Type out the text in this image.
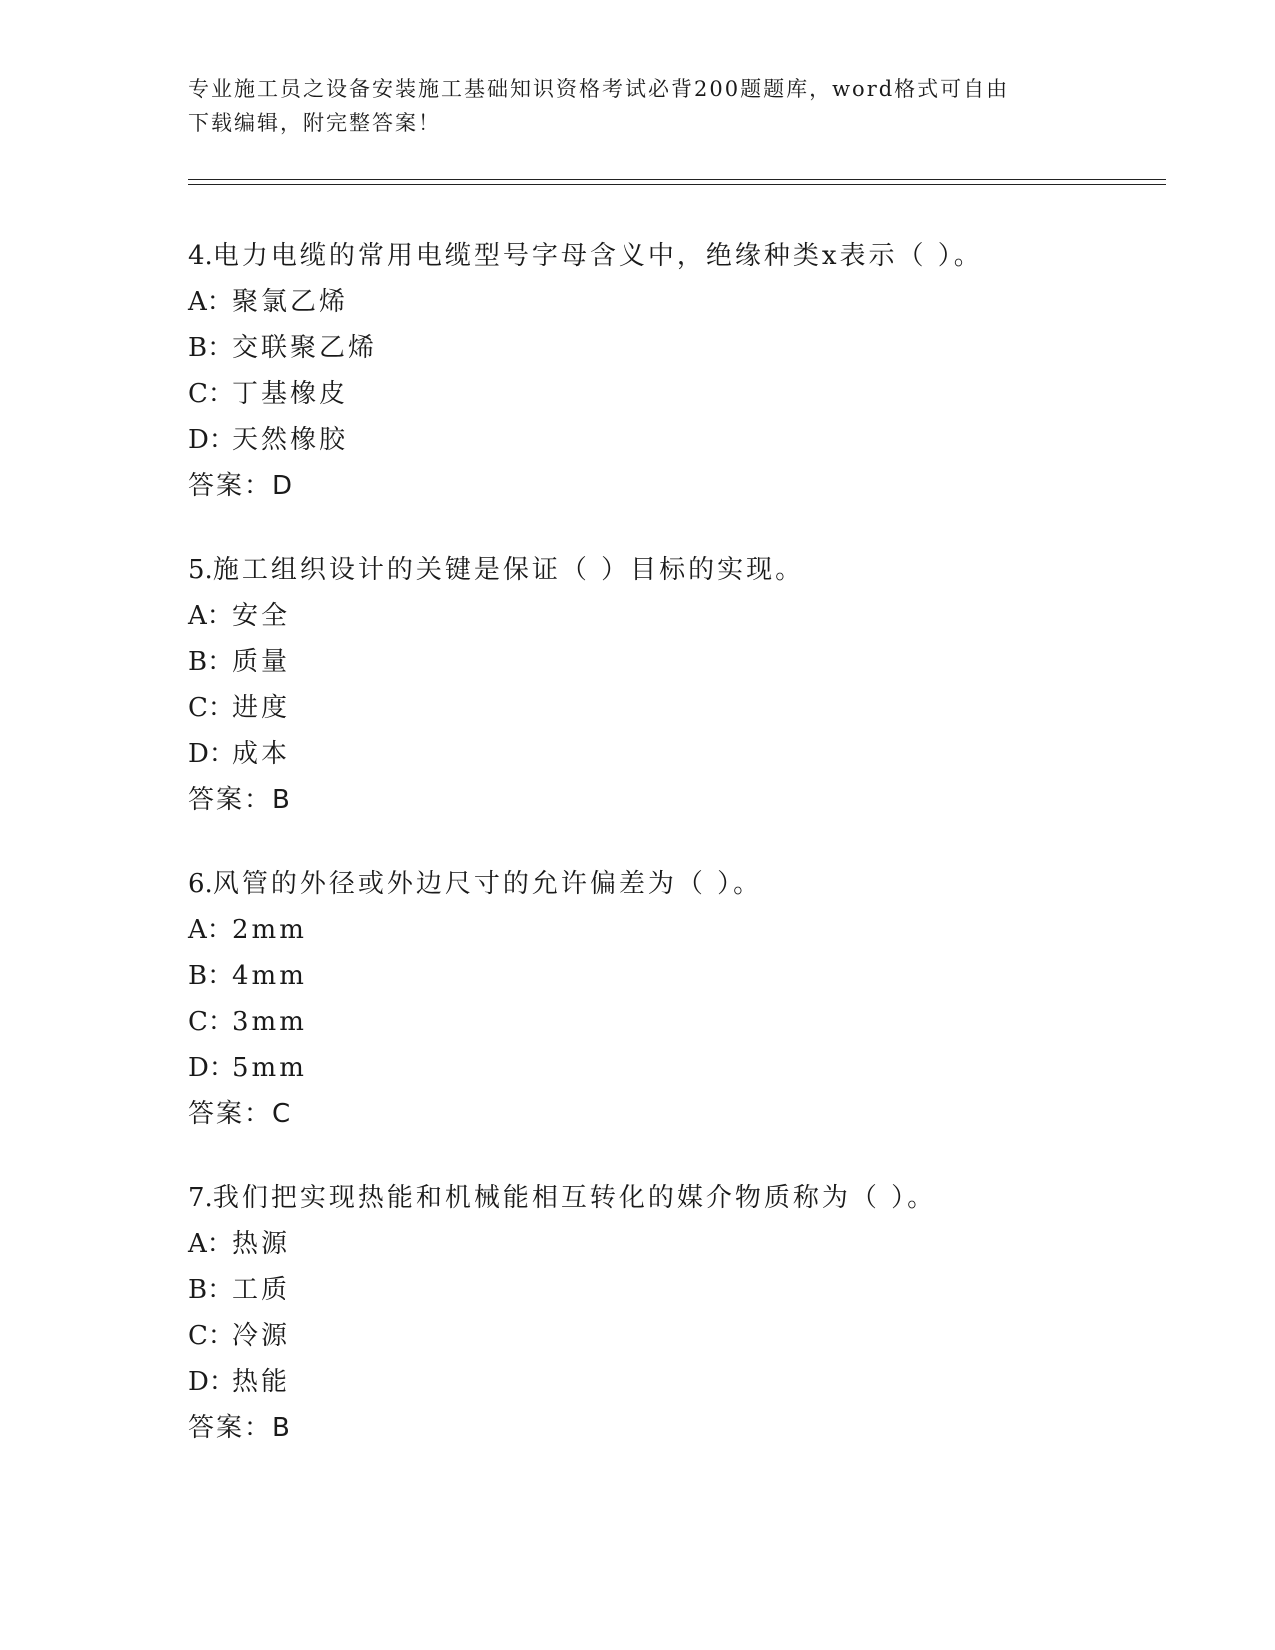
专业施工员之设备安装施工基础知识资格考试必背200题题库，word格式可自由
下载编辑，附完整答案！
4.电力电缆的常用电缆型号字母含义中，绝缘种类x表示（ ）。
A：聚氯乙烯
B：交联聚乙烯
C：丁基橡皮
D：天然橡胶
答案：D
5.施工组织设计的关键是保证（ ）目标的实现。
A：安全
B：质量
C：进度
D：成本
答案：B
6.风管的外径或外边尺寸的允许偏差为（ ）。
A：2mm
B：4mm
C：3mm
D：5mm
答案：C
7.我们把实现热能和机械能相互转化的媒介物质称为（ ）。
A：热源
B：工质
C：冷源
D：热能
答案：B
